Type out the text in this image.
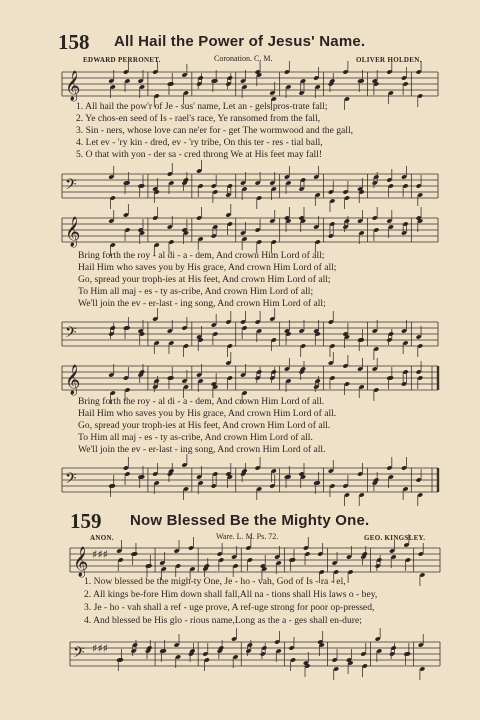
158 All Hail the Power of Jesus' Name.
EDWARD PERRONET.	Coronation. C. M.	OLIVER HOLDEN.
𝄞
1. All hail the pow'r of Je - sus' name, Let an - gels pros-trate fall;
2. Ye chos-en seed of Is - rael's race, Ye ransomed from the fall,
3. Sin - ners, whose love can ne'er for - get The wormwood and the gall,
4. Let ev - 'ry kin - dred, ev - 'ry tribe, On this ter - res - tial ball,
5. O that with yon - der sa - cred throng We at His feet may fall!
𝄢
𝄞
Bring forth the roy - al di - a - dem, And crown Him Lord of all;
Hail Him who saves you by His grace, And crown Him Lord of all;
Go, spread your troph-ies at His feet, And crown Him Lord of all;
To Him all maj - es - ty as-cribe, And crown Him Lord of all;
We'll join the ev - er-last - ing song, And crown Him Lord of all;
𝄢
𝄞
Bring forth the roy - al di - a - dem, And crown Him Lord of all.
Hail Him who saves you by His grace, And crown Him Lord of all.
Go, spread your troph-ies at His feet, And crown Him Lord of all.
To Him all maj - es - ty as-cribe, And crown Him Lord of all.
We'll join the ev - er-last - ing song, And crown Him Lord of all.
𝄢
159 Now Blessed Be the Mighty One.
ANON.	Ware. L. M. Ps. 72.	GEO. KINGSLEY.
𝄞 ♯♯♯
1. Now blessed be the migh-ty One, Je - ho - vah, God of Is - ra - el,
2. All kings be-fore Him down shall fall,All na - tions shall His laws o - bey,
3. Je - ho - vah shall a ref - uge prove, A ref-uge strong for poor op-pressed,
4. And blessed be His glo - rious name,Long as the a - ges shall en-dure;
𝄢 ♯♯♯
